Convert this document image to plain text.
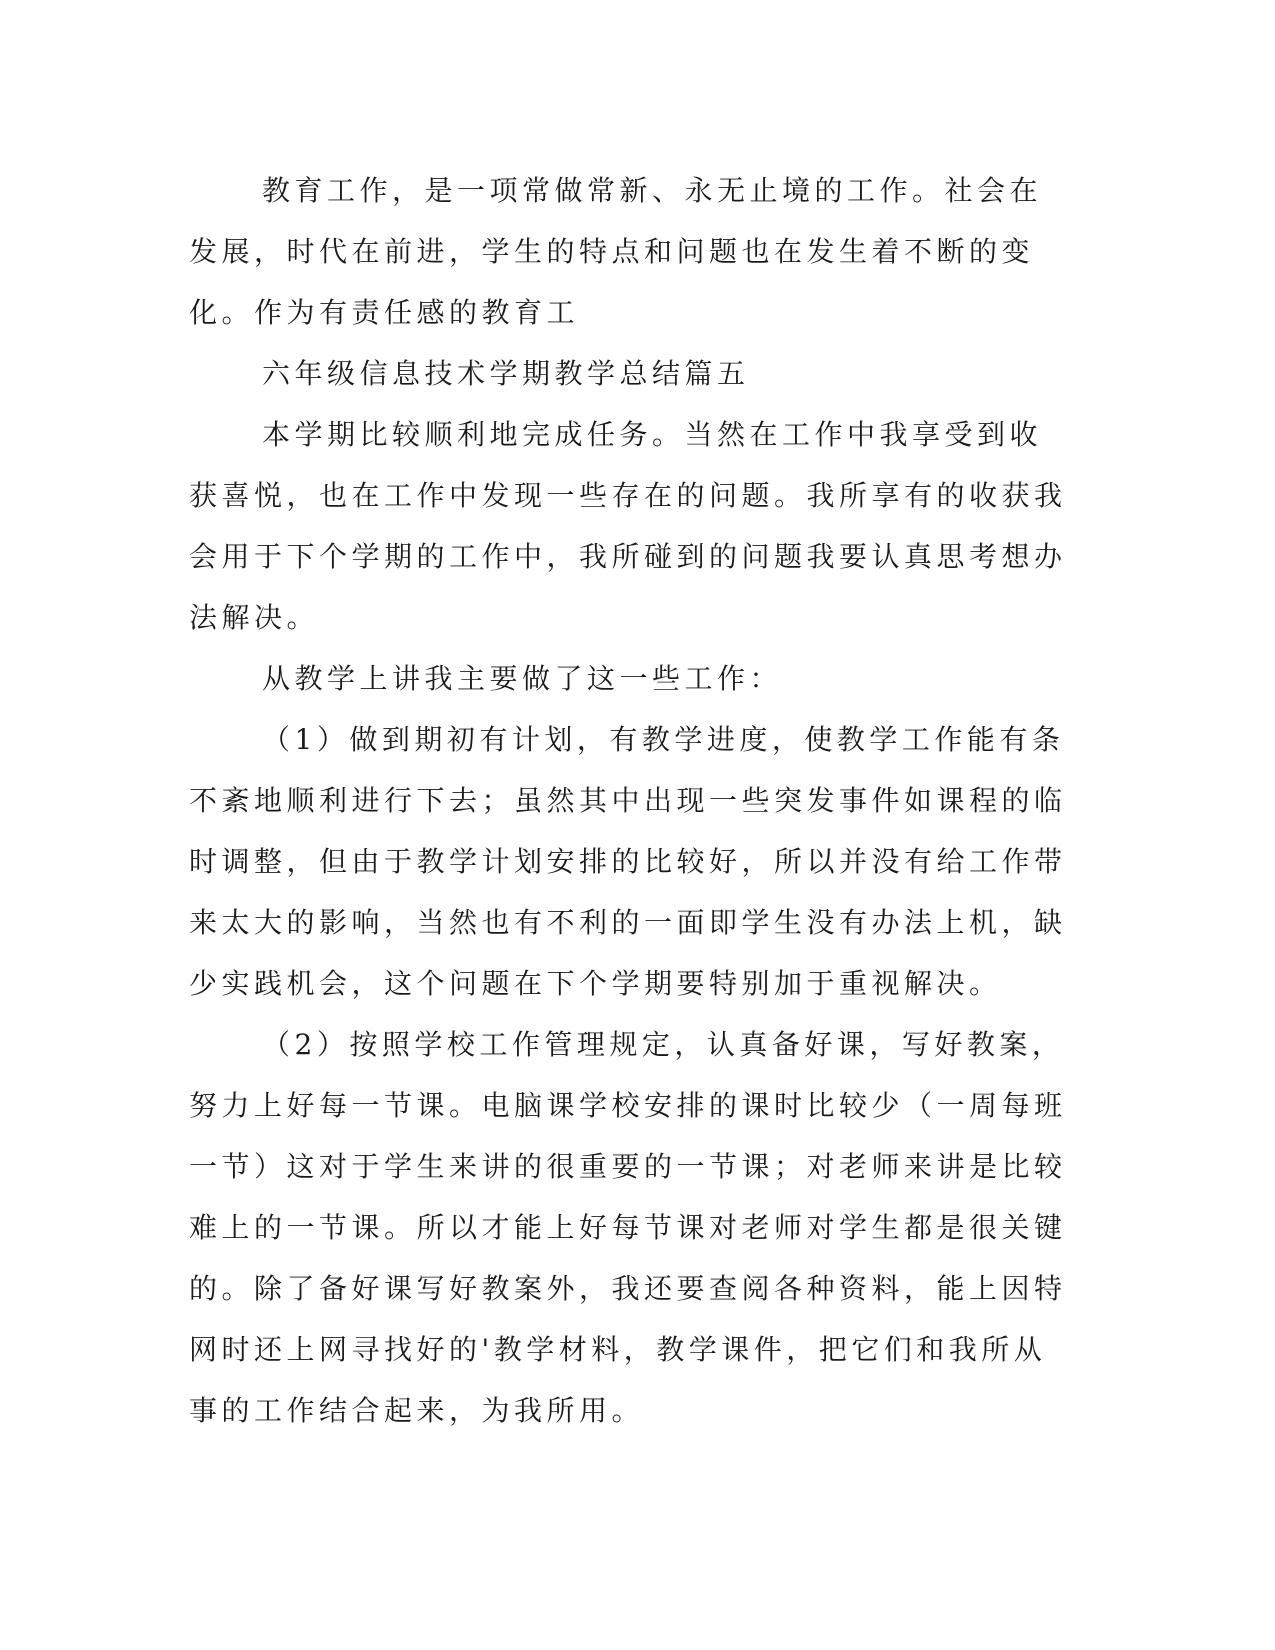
教育工作，是一项常做常新、永无止境的工作。社会在发展，时代在前进，学生的特点和问题也在发生着不断的变化。作为有责任感的教育工

六年级信息技术学期教学总结篇五

本学期比较顺利地完成任务。当然在工作中我享受到收获喜悦，也在工作中发现一些存在的问题。我所享有的收获我会用于下个学期的工作中，我所碰到的问题我要认真思考想办法解决。

从教学上讲我主要做了这一些工作：

（1）做到期初有计划，有教学进度，使教学工作能有条不紊地顺利进行下去；虽然其中出现一些突发事件如课程的临时调整，但由于教学计划安排的比较好，所以并没有给工作带来太大的影响，当然也有不利的一面即学生没有办法上机，缺少实践机会，这个问题在下个学期要特别加于重视解决。

（2）按照学校工作管理规定，认真备好课，写好教案，努力上好每一节课。电脑课学校安排的课时比较少（一周每班一节）这对于学生来讲的很重要的一节课；对老师来讲是比较难上的一节课。所以才能上好每节课对老师对学生都是很关键的。除了备好课写好教案外，我还要查阅各种资料，能上因特网时还上网寻找好的'教学材料，教学课件，把它们和我所从事的工作结合起来，为我所用。
